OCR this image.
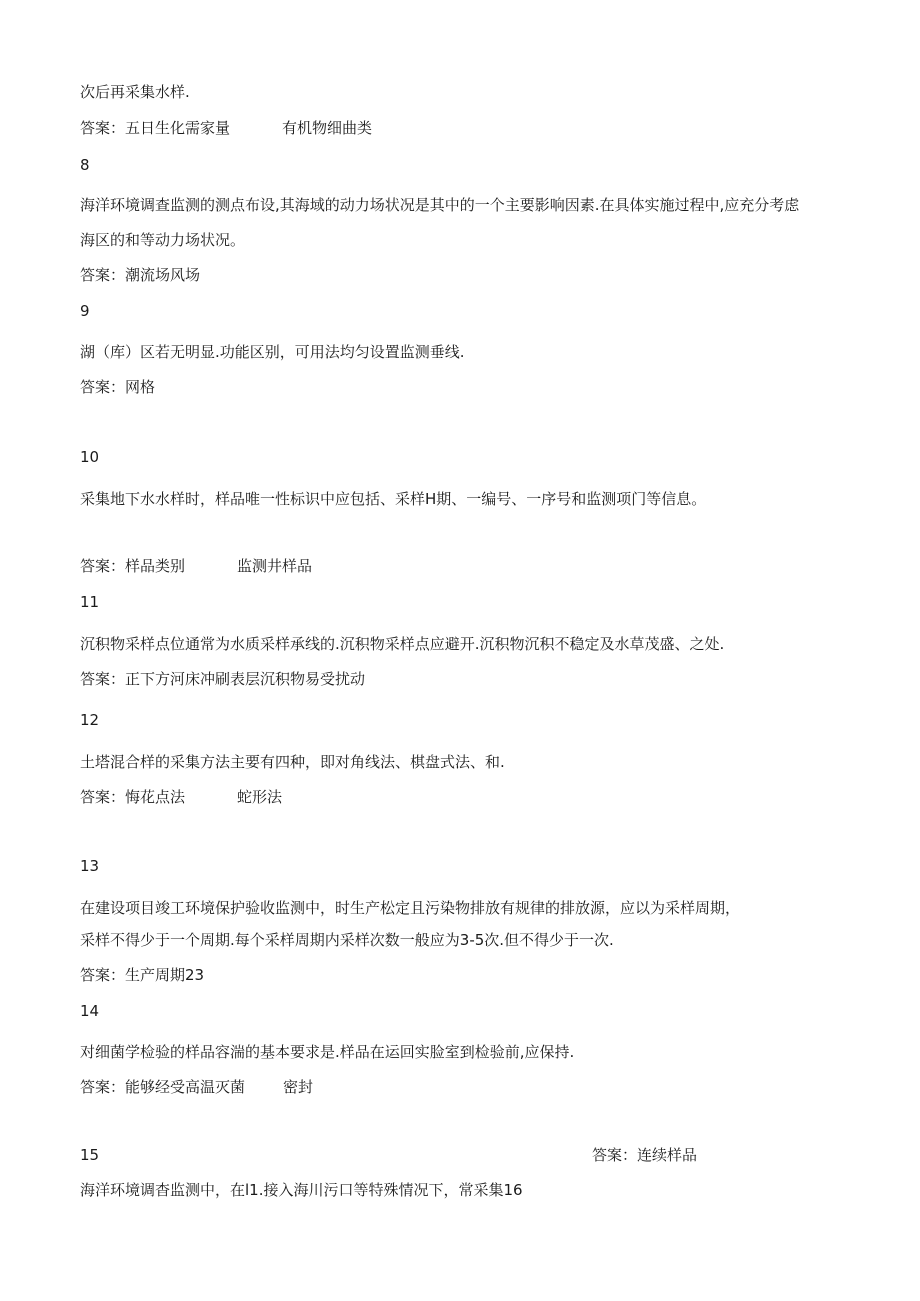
次后再采集水样.
答案：五日生化需家量	有机物细曲类
8
海洋环境调查监测的测点布设,其海域的动力场状况是其中的一个主要影响因素.在具体实施过程中,应充分考虑
海区的和等动力场状况。
答案：潮流场风场
9
湖（库）区若无明显.功能区别，可用法均匀设置监测垂线.
答案：网格
10
采集地下水水样时，样品唯一性标识中应包括、采样H期、一编号、一序号和监测项门等信息。
答案：样品类别	监测井样品
11
沉积物采样点位通常为水质采样承线的.沉积物采样点应避开.沉积物沉积不稳定及水草茂盛、之处.
答案：正下方河床冲刷表层沉积物易受扰动
12
土塔混合样的采集方法主要有四种，即对角线法、棋盘式法、和.
答案：悔花点法	蛇形法
13
在建设项目竣工环境保护验收监测中，时生产松定且污染物排放有规律的排放源，应以为采样周期，
采样不得少于一个周期.每个采样周期内采样次数一般应为3-5次.但不得少于一次.
答案：生产周期23
14
对细菌学检验的样品容湍的基本要求是.样品在运回实脸室到检验前,应保持.
答案：能够经受高温灭菌	密封
15	答案：连续样品
海洋环境调杳监测中，在l1.接入海川污口等特殊情况下，常采集16
